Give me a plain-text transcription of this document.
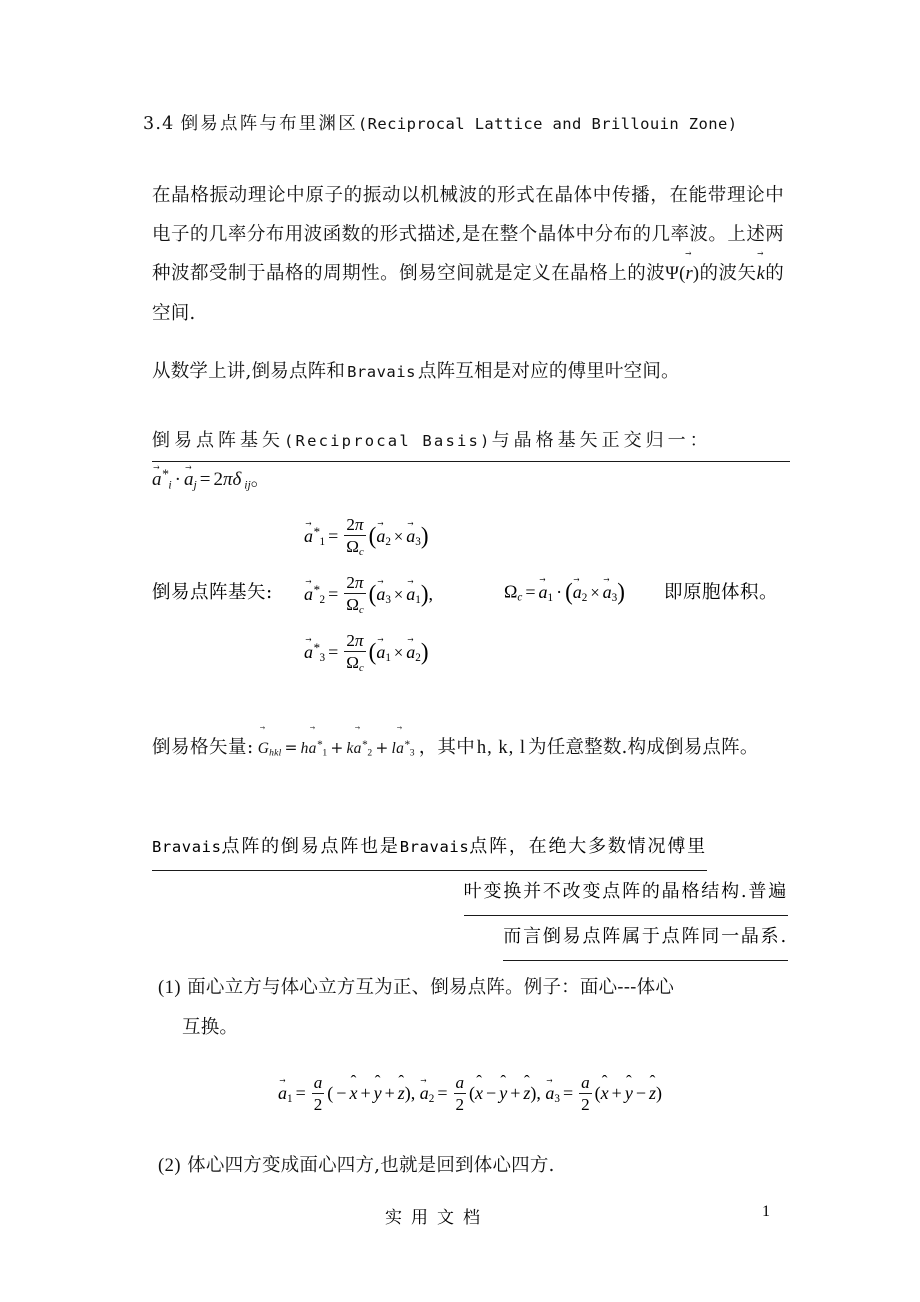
3.4 倒易点阵与布里渊区(Reciprocal Lattice and Brillouin Zone)
在晶格振动理论中原子的振动以机械波的形式在晶体中传播，在能带理论中电子的几率分布用波函数的形式描述,是在整个晶体中分布的几率波。上述两种波都受制于晶格的周期性。倒易空间就是定义在晶格上的波Ψ(→ r)的波矢→ k的空间.
从数学上讲,倒易点阵和 Bravais 点阵互相是对应的傅里叶空间。
倒易点阵基矢(Reciprocal Basis)与晶格基矢正交归一：
→ $a^*_i$ · → $a_j = 2\pi\delta$ $_{ij}$。
倒易点阵基矢:
→ $a^*_1 = \frac{2\pi}{\Omega_c}$ (→ $a_2$ × → $a_3$)
→ $a^*_2 = \frac{2\pi}{\Omega_c}$ (→ $a_3$ × → $a_1$),
→ $a^*_3 = \frac{2\pi}{\Omega_c}$ (→ $a_1$ × → $a_2$)
$\Omega_c$ = → $a_1$ · (→ $a_2$ × → $a_3$) 即原胞体积。
倒易格矢量: → $G_{hkl} = h\to a^*_1 + k\to a^*_2 + l\to a^*_3$ ，其中 h, k, l 为任意整数.构成倒易点阵。
Bravais点阵的倒易点阵也是Bravais点阵，在绝大多数情况傅里
叶变换并不改变点阵的晶格结构.普遍
而言倒易点阵属于点阵同一晶系.
(1) 面心立方与体心立方互为正、倒易点阵。例子：面心---体心
互换。
→ $a_1 = \frac{a}{2}$ ( − ˆ x + ˆ y + ˆ z), → $a_2 = \frac{a}{2}$ (ˆ x − ˆ y + ˆ z), → $a_3 = \frac{a}{2}$ (ˆ x + ˆ y − ˆ z)
(2) 体心四方变成面心四方,也就是回到体心四方.
实用文档	1
